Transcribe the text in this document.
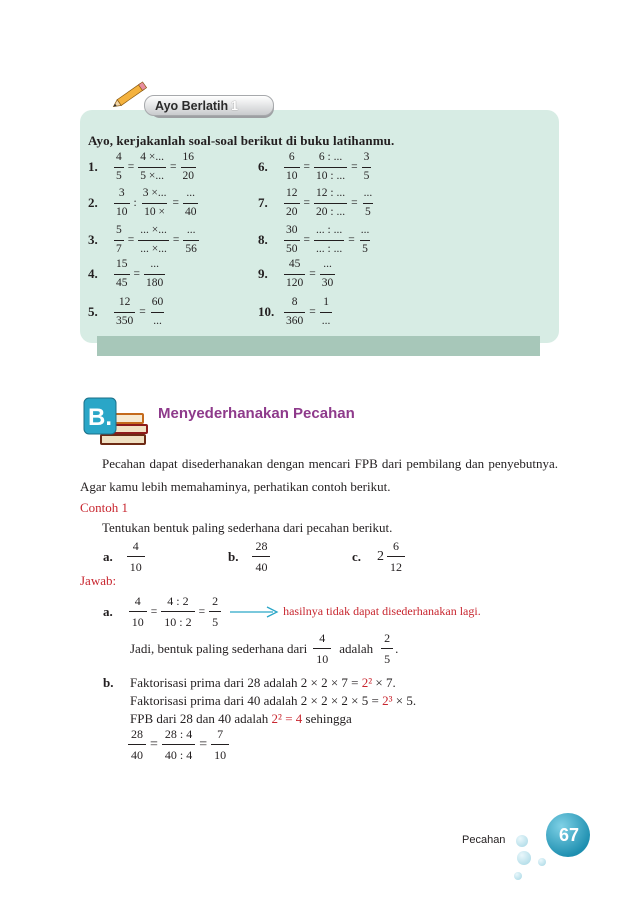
Ayo Berlatih 1
Ayo, kerjakanlah soal-soal berikut di buku latihanmu.
1.	$\frac{4}{5} = \frac{4 \times...}{5 \times...} = \frac{16}{20}$
2.	$\frac{3}{10}$ : $\frac{3 \times...}{10 \times} = \frac{...}{40}$
3.	$\frac{5}{7} = \frac{... \times...}{... \times...} = \frac{...}{56}$
4.	$\frac{15}{45} = \frac{...}{180}$
5.	$\frac{12}{350} = \frac{60}{...}$
6.	$\frac{6}{10} = \frac{6 : ...}{10 : ...} = \frac{3}{5}$
7.	$\frac{12}{20} = \frac{12 : ...}{20 : ...} = \frac{...}{5}$
8.	$\frac{30}{50} = \frac{... : ...}{... : ...} = \frac{...}{5}$
9.	$\frac{45}{120} = \frac{...}{30}$
10. $\frac{8}{360} = \frac{1}{...}$
B.	Menyederhanakan Pecahan
Pecahan dapat disederhanakan dengan mencari FPB dari pembilang dan penyebutnya. Agar kamu lebih memahaminya, perhatikan contoh berikut.
Contoh 1
Tentukan bentuk paling sederhana dari pecahan berikut.
a. $\frac{4}{10}$	b. $\frac{28}{40}$	c. $2 \frac{6}{12}$
Jawab:
a. $\frac{4}{10} = \frac{4 : 2}{10 : 2} = \frac{2}{5}$	hasilnya tidak dapat disederhanakan lagi.
Jadi, bentuk paling sederhana dari $\frac{4}{10}$ adalah $\frac{2}{5}$ .
b. Faktorisasi prima dari 28 adalah 2 × 2 × 7 = 2² × 7.
Faktorisasi prima dari 40 adalah 2 × 2 × 2 × 5 = 2³ × 5.
FPB dari 28 dan 40 adalah 2² = 4 sehingga
$\frac{28}{40} = \frac{28 : 4}{40 : 4} = \frac{7}{10}$
Pecahan	67
